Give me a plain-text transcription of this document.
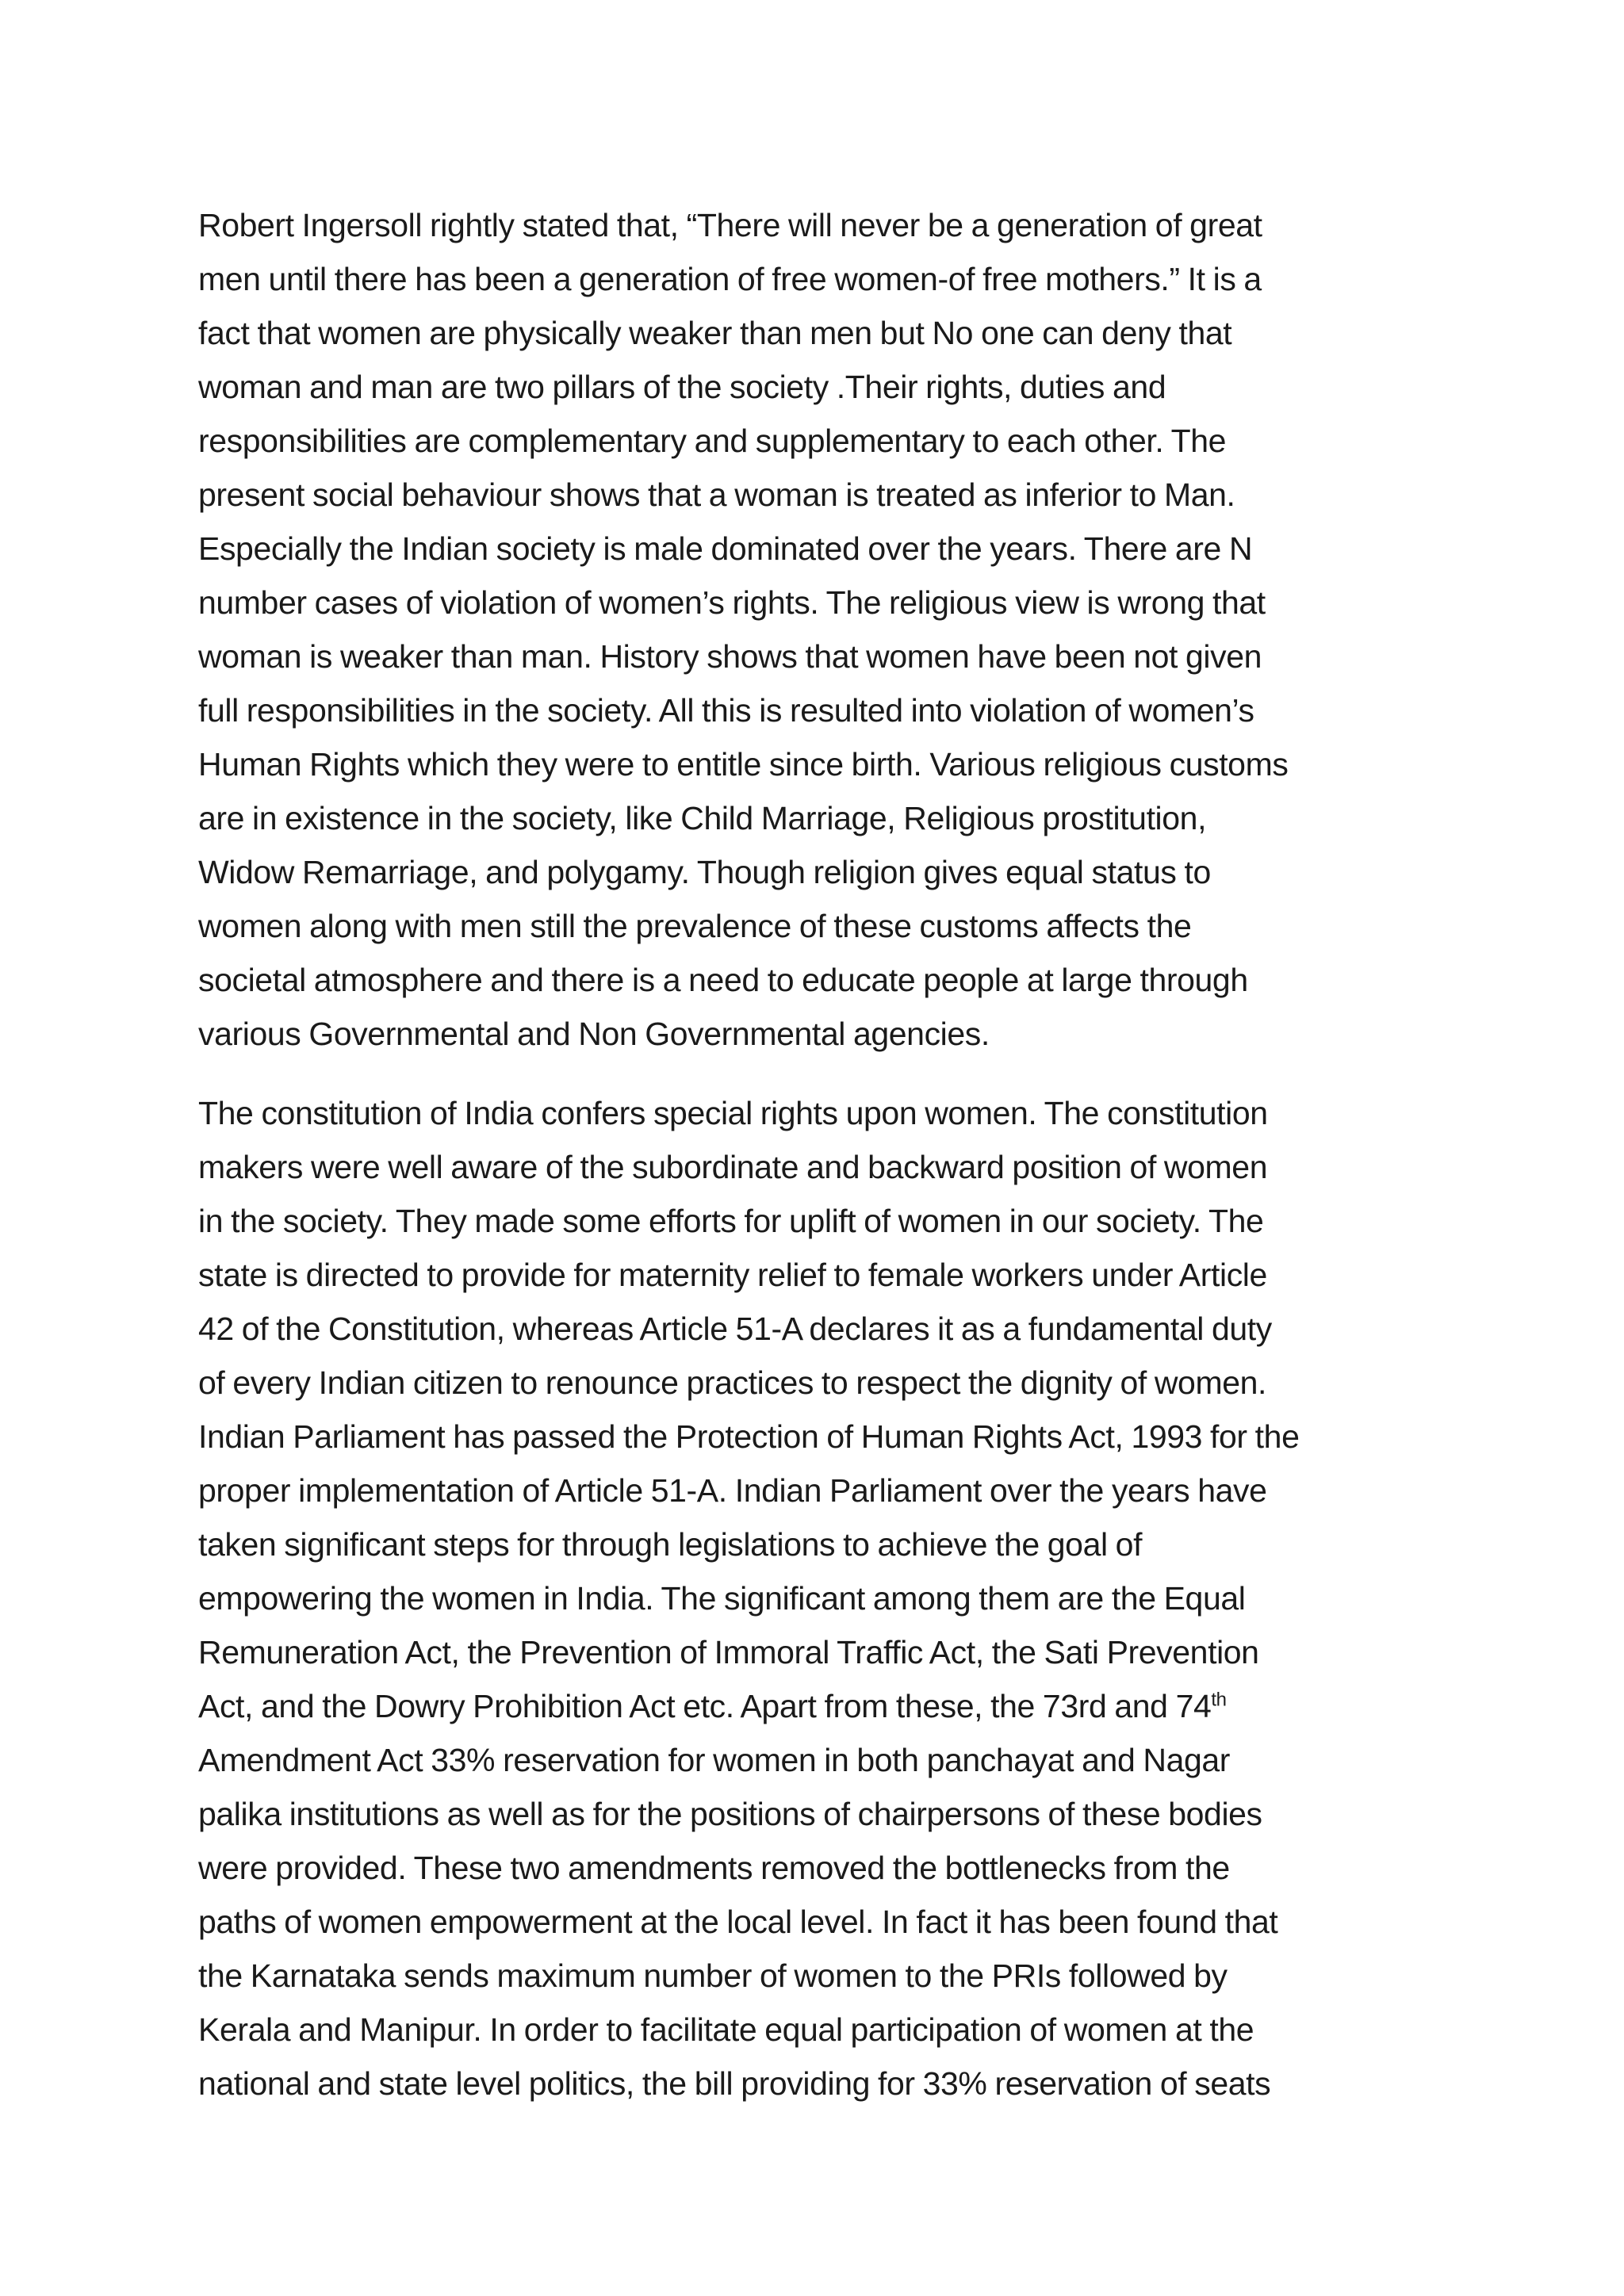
Robert Ingersoll rightly stated that, “There will never be a generation of great
men until there has been a generation of free women-of free mothers.” It is a
fact that women are physically weaker than men but No one can deny that
woman and man are two pillars of the society .Their rights, duties and
responsibilities are complementary and supplementary to each other. The
present social behaviour shows that a woman is treated as inferior to Man.
Especially the Indian society is male dominated over the years. There are N
number cases of violation of women’s rights. The religious view is wrong that
woman is weaker than man. History shows that women have been not given
full responsibilities in the society. All this is resulted into violation of women’s
Human Rights which they were to entitle since birth. Various religious customs
are in existence in the society, like Child Marriage, Religious prostitution,
Widow Remarriage, and polygamy. Though religion gives equal status to
women along with men still the prevalence of these customs affects the
societal atmosphere and there is a need to educate people at large through
various Governmental and Non Governmental agencies.
The constitution of India confers special rights upon women. The constitution
makers were well aware of the subordinate and backward position of women
in the society. They made some efforts for uplift of women in our society. The
state is directed to provide for maternity relief to female workers under Article
42 of the Constitution, whereas Article 51-A declares it as a fundamental duty
of every Indian citizen to renounce practices to respect the dignity of women.
Indian Parliament has passed the Protection of Human Rights Act, 1993 for the
proper implementation of Article 51-A. Indian Parliament over the years have
taken significant steps for through legislations to achieve the goal of
empowering the women in India. The significant among them are the Equal
Remuneration Act, the Prevention of Immoral Traffic Act, the Sati Prevention
Act, and the Dowry Prohibition Act etc. Apart from these, the 73rd and 74th
Amendment Act 33% reservation for women in both panchayat and Nagar
palika institutions as well as for the positions of chairpersons of these bodies
were provided. These two amendments removed the bottlenecks from the
paths of women empowerment at the local level. In fact it has been found that
the Karnataka sends maximum number of women to the PRIs followed by
Kerala and Manipur. In order to facilitate equal participation of women at the
national and state level politics, the bill providing for 33% reservation of seats
